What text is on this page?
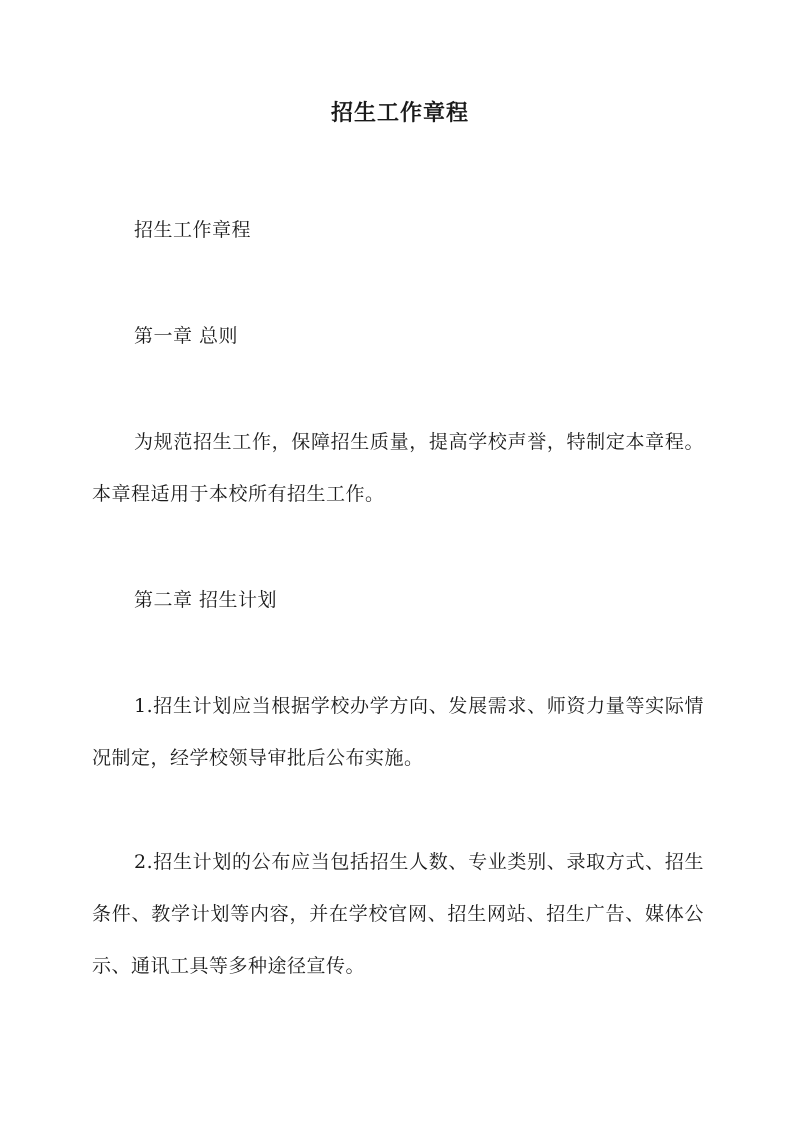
招生工作章程

招生工作章程

第一章 总则

为规范招生工作，保障招生质量，提高学校声誉，特制定本章程。本章程适用于本校所有招生工作。

第二章 招生计划

1.招生计划应当根据学校办学方向、发展需求、师资力量等实际情况制定，经学校领导审批后公布实施。

2.招生计划的公布应当包括招生人数、专业类别、录取方式、招生条件、教学计划等内容，并在学校官网、招生网站、招生广告、媒体公示、通讯工具等多种途径宣传。
